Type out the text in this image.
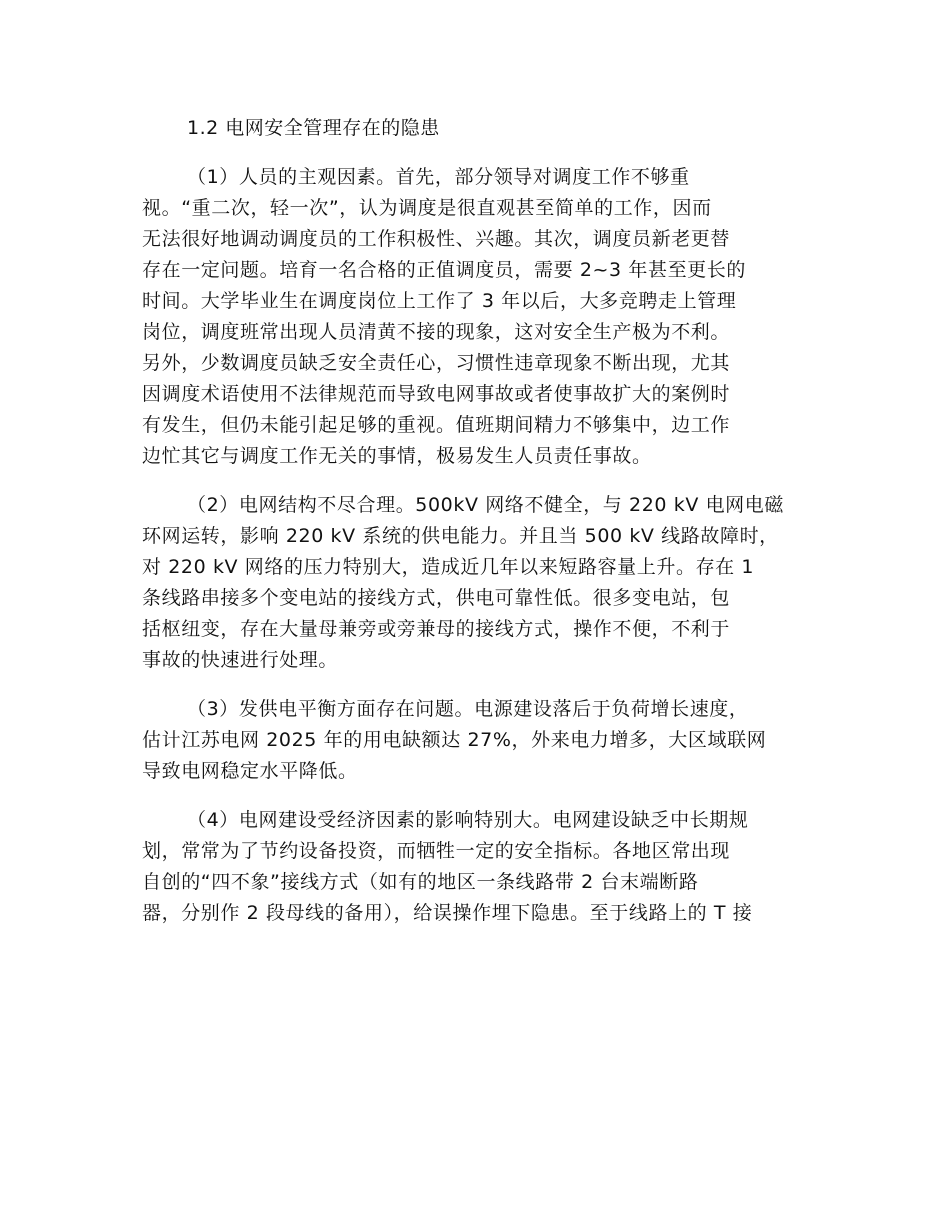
1.2 电网安全管理存在的隐患
（1）人员的主观因素。首先，部分领导对调度工作不够重
视。“重二次，轻一次”，认为调度是很直观甚至简单的工作，因而
无法很好地调动调度员的工作积极性、兴趣。其次，调度员新老更替
存在一定问题。培育一名合格的正值调度员，需要 2~3 年甚至更长的
时间。大学毕业生在调度岗位上工作了 3 年以后，大多竞聘走上管理
岗位，调度班常出现人员清黄不接的现象，这对安全生产极为不利。
另外，少数调度员缺乏安全责任心，习惯性违章现象不断出现，尤其
因调度术语使用不法律规范而导致电网事故或者使事故扩大的案例时
有发生，但仍未能引起足够的重视。值班期间精力不够集中，边工作
边忙其它与调度工作无关的事情，极易发生人员责任事故。
（2）电网结构不尽合理。500kV 网络不健全，与 220 kV 电网电磁
环网运转，影响 220 kV 系统的供电能力。并且当 500 kV 线路故障时，
对 220 kV 网络的压力特别大，造成近几年以来短路容量上升。存在 1
条线路串接多个变电站的接线方式，供电可靠性低。很多变电站，包
括枢纽变，存在大量母兼旁或旁兼母的接线方式，操作不便，不利于
事故的快速进行处理。
（3）发供电平衡方面存在问题。电源建设落后于负荷增长速度，
估计江苏电网 2025 年的用电缺额达 27%，外来电力增多，大区域联网
导致电网稳定水平降低。
（4）电网建设受经济因素的影响特别大。电网建设缺乏中长期规
划，常常为了节约设备投资，而牺牲一定的安全指标。各地区常出现
自创的“四不象”接线方式（如有的地区一条线路带 2 台末端断路
器，分别作 2 段母线的备用），给误操作埋下隐患。至于线路上的 T 接
